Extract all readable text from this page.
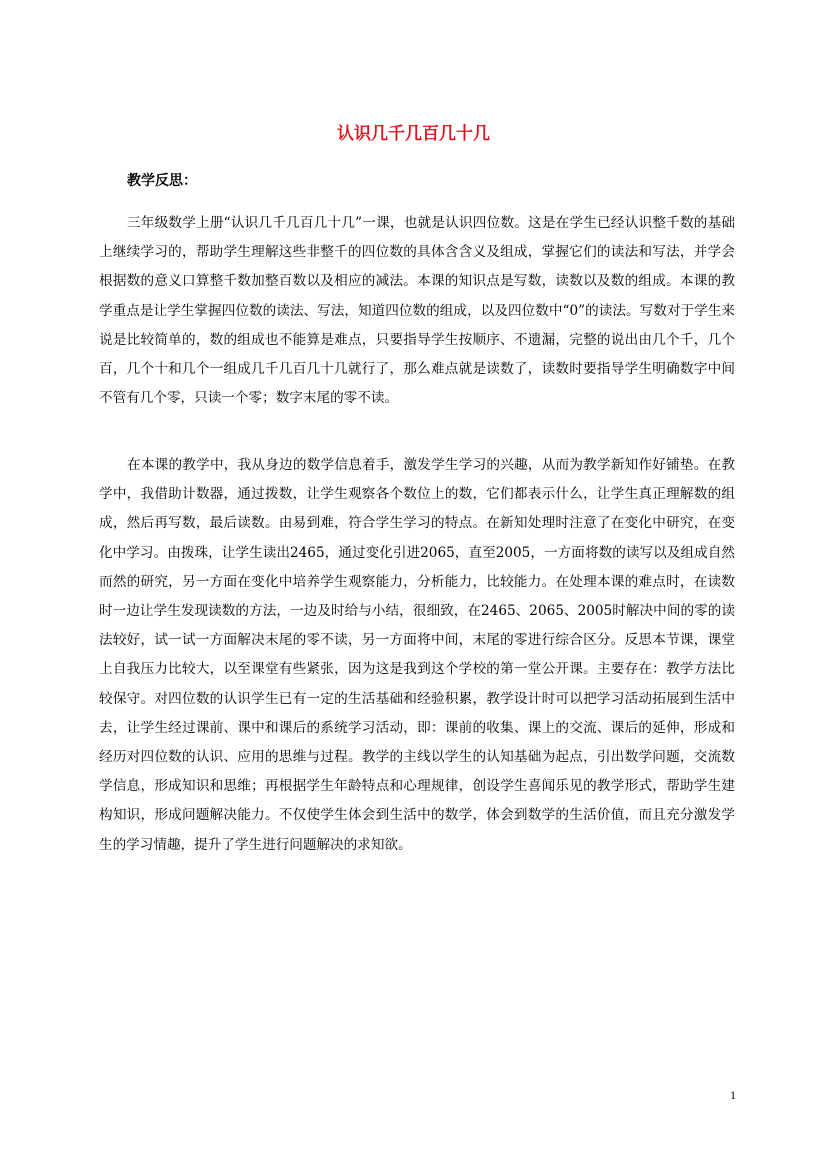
认识几千几百几十几
教学反思：

三年级数学上册“认识几千几百几十几”一课，也就是认识四位数。这是在学生已经认识整千数的基础上继续学习的，帮助学生理解这些非整千的四位数的具体含含义及组成，掌握它们的读法和写法，并学会根据数的意义口算整千数加整百数以及相应的减法。本课的知识点是写数，读数以及数的组成。本课的教学重点是让学生掌握四位数的读法、写法，知道四位数的组成，以及四位数中“0”的读法。写数对于学生来说是比较简单的，数的组成也不能算是难点，只要指导学生按顺序、不遗漏，完整的说出由几个千，几个百，几个十和几个一组成几千几百几十几就行了，那么难点就是读数了，读数时要指导学生明确数字中间不管有几个零，只读一个零；数字末尾的零不读。

在本课的教学中，我从身边的数学信息着手，激发学生学习的兴趣，从而为教学新知作好铺垫。在教学中，我借助计数器，通过拨数，让学生观察各个数位上的数，它们都表示什么，让学生真正理解数的组成，然后再写数，最后读数。由易到难，符合学生学习的特点。在新知处理时注意了在变化中研究，在变化中学习。由拨珠，让学生读出2465，通过变化引进2065，直至2005，一方面将数的读写以及组成自然而然的研究，另一方面在变化中培养学生观察能力，分析能力，比较能力。在处理本课的难点时，在读数时一边让学生发现读数的方法，一边及时给与小结，很细致，在2465、2065、2005时解决中间的零的读法较好，试一试一方面解决末尾的零不读，另一方面将中间，末尾的零进行综合区分。反思本节课，课堂上自我压力比较大，以至课堂有些紧张，因为这是我到这个学校的第一堂公开课。主要存在：教学方法比较保守。对四位数的认识学生已有一定的生活基础和经验积累，教学设计时可以把学习活动拓展到生活中去，让学生经过课前、课中和课后的系统学习活动，即：课前的收集、课上的交流、课后的延伸，形成和经历对四位数的认识、应用的思维与过程。教学的主线以学生的认知基础为起点，引出数学问题，交流数学信息，形成知识和思维；再根据学生年龄特点和心理规律，创设学生喜闻乐见的教学形式，帮助学生建构知识，形成问题解决能力。不仅使学生体会到生活中的数学，体会到数学的生活价值，而且充分激发学生的学习情趣，提升了学生进行问题解决的求知欲。

1
